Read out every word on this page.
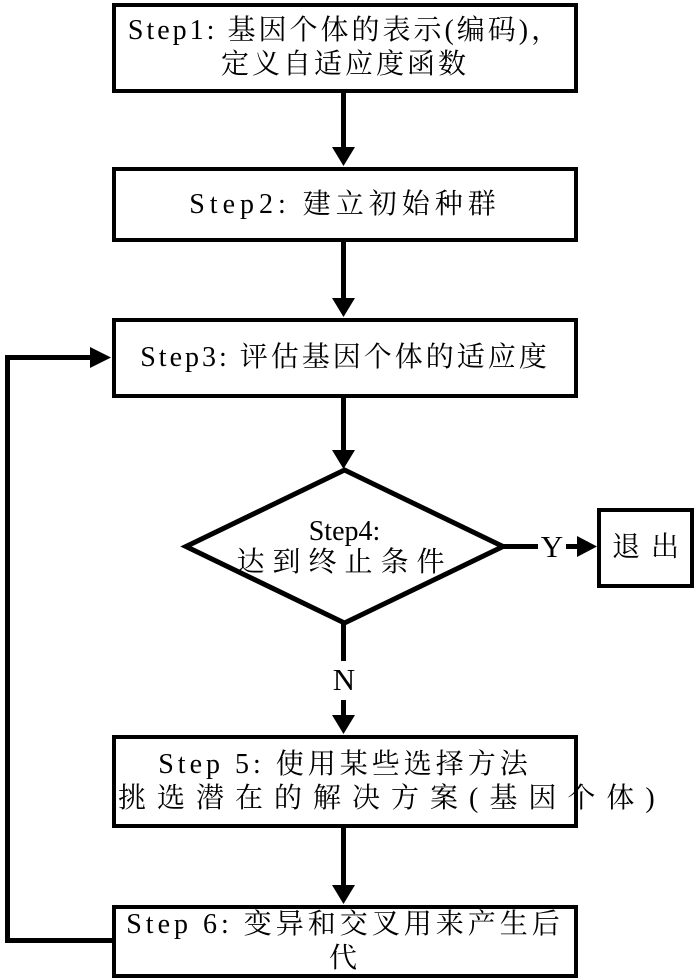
Step1: 基因个体的表示(编码)，
定义自适应度函数
Step2: 建立初始种群
Step3: 评估基因个体的适应度
Step4:
达到终止条件	Y	退出
N
Step 5: 使用某些选择方法
挑选潜在的解决方案(基因个体)
Step 6: 变异和交叉用来产生后代
